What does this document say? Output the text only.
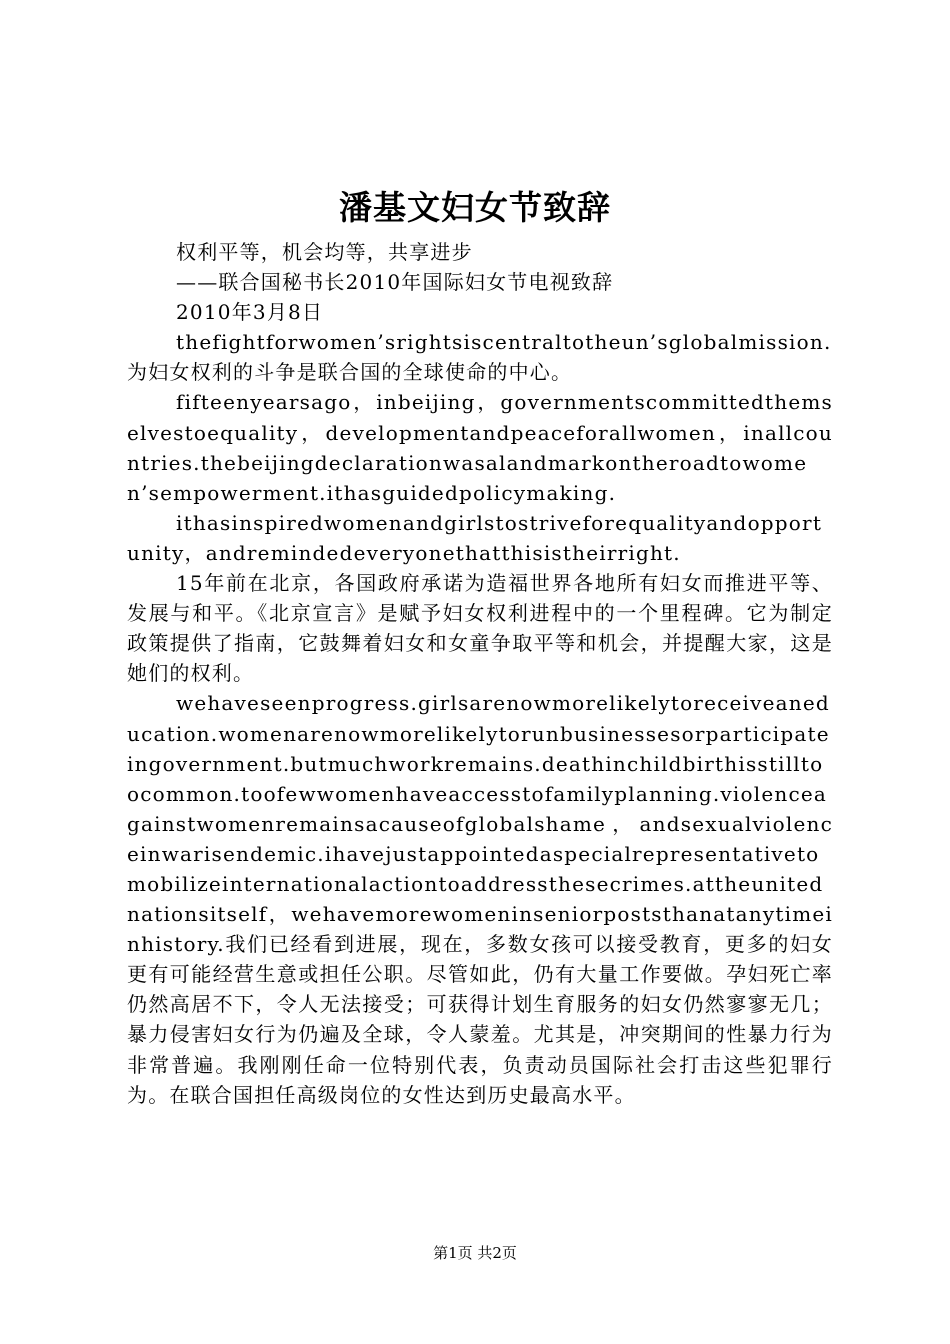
潘基文妇女节致辞

权利平等，机会均等，共享进步

——联合国秘书长2010年国际妇女节电视致辞

2010年3月8日

thefightforwomen’srightsiscentraltotheun’sglobalmission.为妇女权利的斗争是联合国的全球使命的中心。

fifteenyearsago，inbeijing，governmentscommittedthemselvestoequality，developmentandpeaceforallwomen，inallcountries.thebeijingdeclarationwasalandmarkontheroadtowomen’sempowerment.ithasguidedpolicymaking.

ithasinspiredwomenandgirlstostriveforequalityandopportunity，andremindedeveryonethatthisistheirright.

15年前在北京，各国政府承诺为造福世界各地所有妇女而推进平等、发展与和平。《北京宣言》是赋予妇女权利进程中的一个里程碑。它为制定政策提供了指南，它鼓舞着妇女和女童争取平等和机会，并提醒大家，这是她们的权利。

wehaveseenprogress.girlsarenowmorelikelytoreceiveaneducation.womenarenowmorelikelytorunbusinessesorparticipateingovernment.butmuchworkremains.deathinchildbirthisstilltoocommon.toofewwomenhaveaccesstofamilyplanning.violenceagainstwomenremainsacauseofglobalshame，andsexualviolenceinwarisendemic.ihavejustappointedaspecialrepresentativetomobilizeinternationalactiontoaddressthesecrimes.attheunitednationsitself，wehavemorewomeninseniorpoststhanatanytimeinhistory.我们已经看到进展，现在，多数女孩可以接受教育，更多的妇女更有可能经营生意或担任公职。尽管如此，仍有大量工作要做。孕妇死亡率仍然高居不下，令人无法接受；可获得计划生育服务的妇女仍然寥寥无几；暴力侵害妇女行为仍遍及全球，令人蒙羞。尤其是，冲突期间的性暴力行为非常普遍。我刚刚任命一位特别代表，负责动员国际社会打击这些犯罪行为。在联合国担任高级岗位的女性达到历史最高水平。

第1页 共2页
